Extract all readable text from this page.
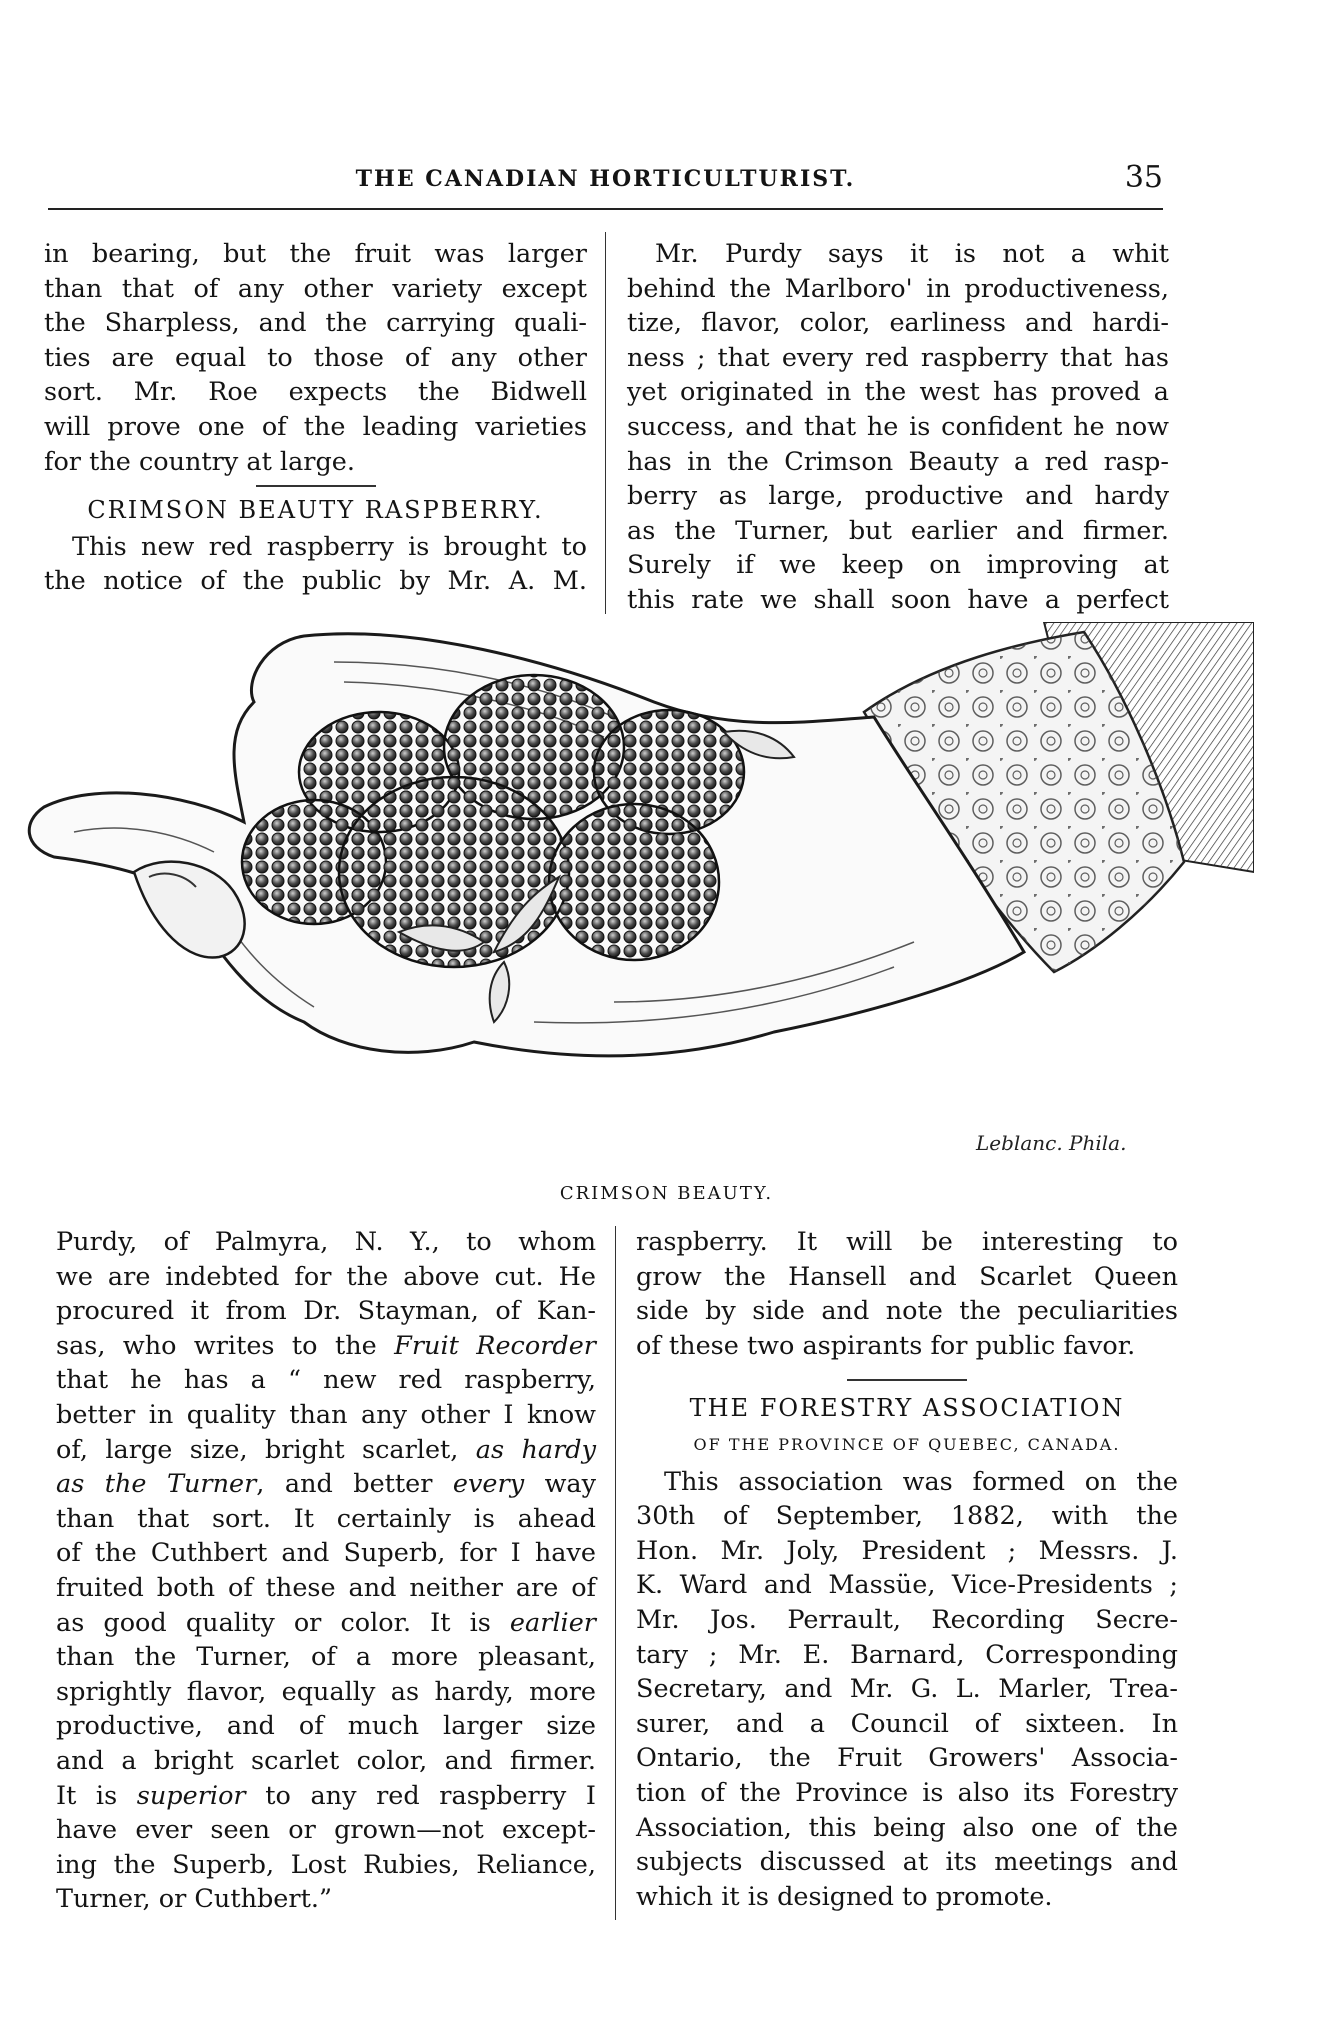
THE CANADIAN HORTICULTURIST.	35

in bearing, but the fruit was larger
than that of any other variety except
the Sharpless, and the carrying quali-
ties are equal to those of any other
sort. Mr. Roe expects the Bidwell
will prove one of the leading varieties
for the country at large.

CRIMSON BEAUTY RASPBERRY.

This new red raspberry is brought to
the notice of the public by Mr. A. M.

Mr. Purdy says it is not a whit
behind the Marlboro' in productiveness,
tize, flavor, color, earliness and hardi-
ness ; that every red raspberry that has
yet originated in the west has proved a
success, and that he is confident he now
has in the Crimson Beauty a red rasp-
berry as large, productive and hardy
as the Turner, but earlier and firmer.
Surely if we keep on improving at
this rate we shall soon have a perfect

Leblanc. Phila.
CRIMSON BEAUTY.

Purdy, of Palmyra, N. Y., to whom
we are indebted for the above cut. He
procured it from Dr. Stayman, of Kan-
sas, who writes to the Fruit Recorder
that he has a “ new red raspberry,
better in quality than any other I know
of, large size, bright scarlet, as hardy
as the Turner, and better every way
than that sort. It certainly is ahead
of the Cuthbert and Superb, for I have
fruited both of these and neither are of
as good quality or color. It is earlier
than the Turner, of a more pleasant,
sprightly flavor, equally as hardy, more
productive, and of much larger size
and a bright scarlet color, and firmer.
It is superior to any red raspberry I
have ever seen or grown—not except-
ing the Superb, Lost Rubies, Reliance,
Turner, or Cuthbert.”

raspberry. It will be interesting to
grow the Hansell and Scarlet Queen
side by side and note the peculiarities
of these two aspirants for public favor.

THE FORESTRY ASSOCIATION
OF THE PROVINCE OF QUEBEC, CANADA.

This association was formed on the
30th of September, 1882, with the
Hon. Mr. Joly, President ; Messrs. J.
K. Ward and Massüe, Vice-Presidents ;
Mr. Jos. Perrault, Recording Secre-
tary ; Mr. E. Barnard, Corresponding
Secretary, and Mr. G. L. Marler, Trea-
surer, and a Council of sixteen. In
Ontario, the Fruit Growers' Associa-
tion of the Province is also its Forestry
Association, this being also one of the
subjects discussed at its meetings and
which it is designed to promote.
